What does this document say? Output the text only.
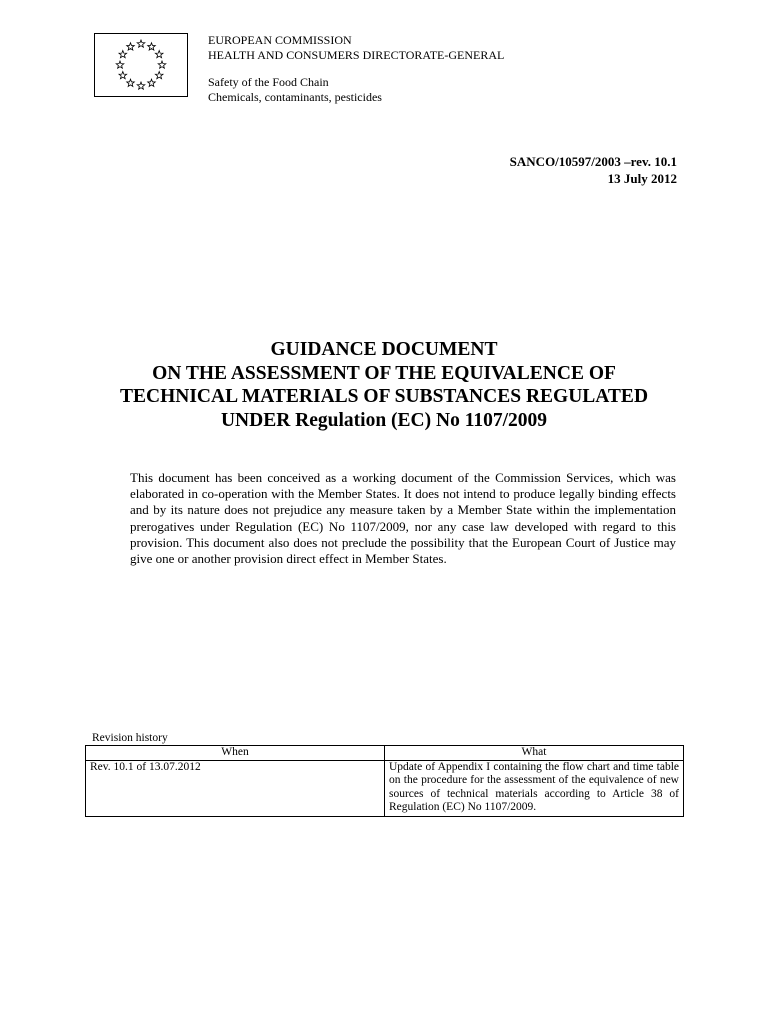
EUROPEAN COMMISSION
HEALTH AND CONSUMERS DIRECTORATE-GENERAL
Safety of the Food Chain
Chemicals, contaminants, pesticides
SANCO/10597/2003 –rev. 10.1
13 July 2012
GUIDANCE DOCUMENT
ON THE ASSESSMENT OF THE EQUIVALENCE OF
TECHNICAL MATERIALS OF SUBSTANCES REGULATED
UNDER Regulation (EC) No 1107/2009

This document has been conceived as a working document of the Commission Services, which was elaborated in co-operation with the Member States. It does not intend to produce legally binding effects and by its nature does not prejudice any measure taken by a Member State within the implementation prerogatives under Regulation (EC) No 1107/2009, nor any case law developed with regard to this provision. This document also does not preclude the possibility that the European Court of Justice may give one or another provision direct effect in Member States.

Revision history
When	What
Rev. 10.1 of 13.07.2012	Update of Appendix I containing the flow chart and time table on the procedure for the assessment of the equivalence of new sources of technical materials according to Article 38 of Regulation (EC) No 1107/2009.
